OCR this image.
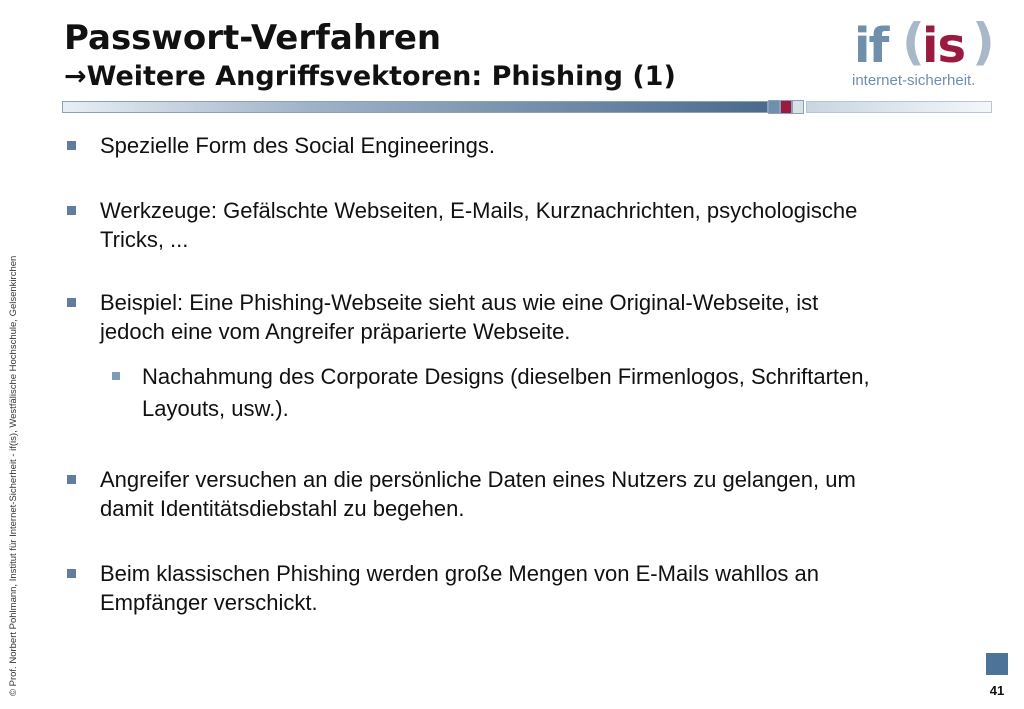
Passwort-Verfahren
→Weitere Angriffsvektoren: Phishing (1)
if (
is )
internet-sicherheit.
© Prof. Norbert Pohlmann, Institut für Internet-Sicherheit - if(is), Westfälische Hochschule, Gelsenkirchen
Spezielle Form des Social Engineerings.
Werkzeuge: Gefälschte Webseiten, E-Mails, Kurznachrichten, psychologische Tricks, ...
Beispiel: Eine Phishing-Webseite sieht aus wie eine Original-Webseite, ist jedoch eine vom Angreifer präparierte Webseite.
Nachahmung des Corporate Designs (dieselben Firmenlogos, Schriftarten, Layouts, usw.).
Angreifer versuchen an die persönliche Daten eines Nutzers zu gelangen, um damit Identitätsdiebstahl zu begehen.
Beim klassischen Phishing werden große Mengen von E-Mails wahllos an Empfänger verschickt.
41
